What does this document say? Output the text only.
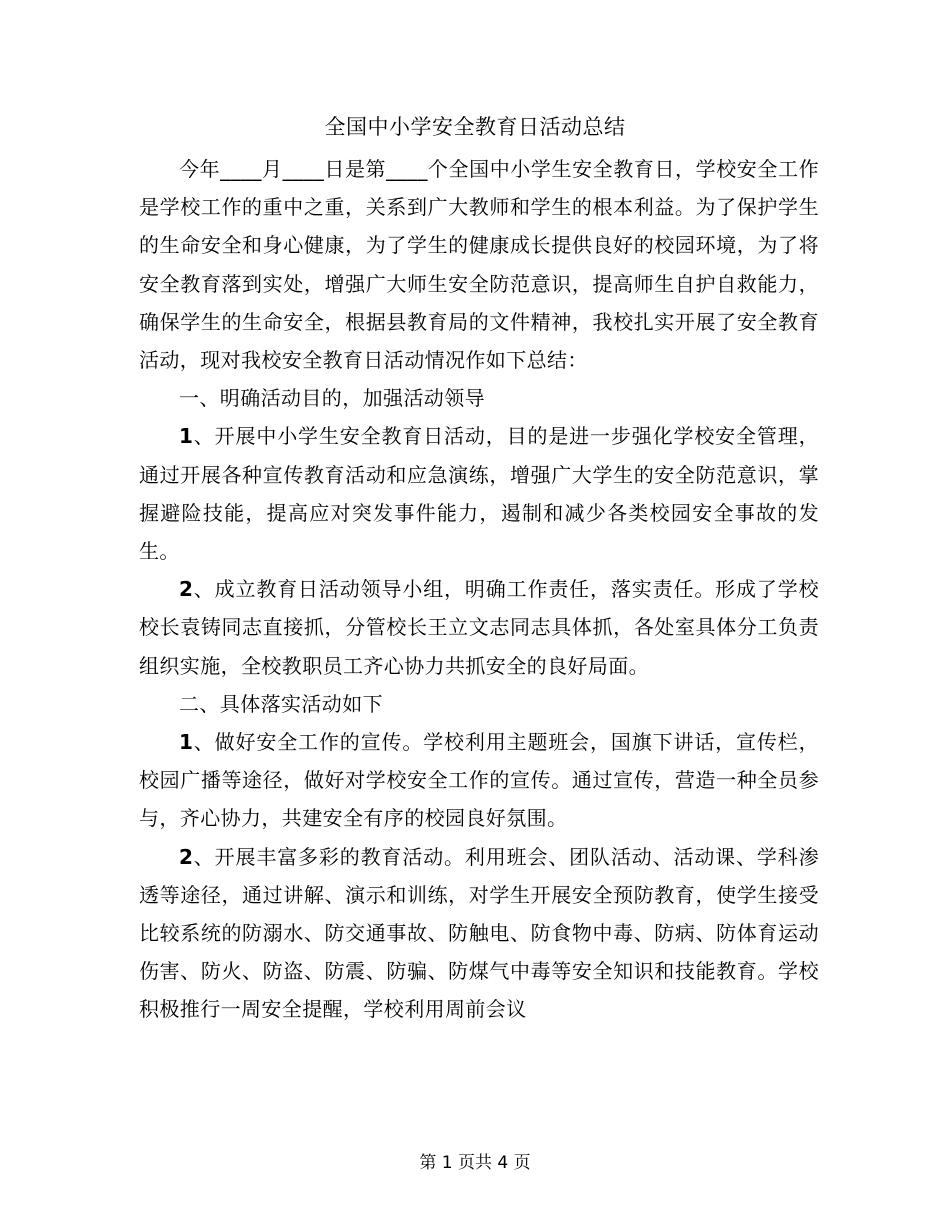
全国中小学安全教育日活动总结

今年____月____日是第____个全国中小学生安全教育日，学校安全工作是学校工作的重中之重，关系到广大教师和学生的根本利益。为了保护学生的生命安全和身心健康，为了学生的健康成长提供良好的校园环境，为了将安全教育落到实处，增强广大师生安全防范意识，提高师生自护自救能力，确保学生的生命安全，根据县教育局的文件精神，我校扎实开展了安全教育活动，现对我校安全教育日活动情况作如下总结：

一、明确活动目的，加强活动领导

1、开展中小学生安全教育日活动，目的是进一步强化学校安全管理，通过开展各种宣传教育活动和应急演练，增强广大学生的安全防范意识，掌握避险技能，提高应对突发事件能力，遏制和减少各类校园安全事故的发生。

2、成立教育日活动领导小组，明确工作责任，落实责任。形成了学校校长袁铸同志直接抓，分管校长王立文志同志具体抓，各处室具体分工负责组织实施，全校教职员工齐心协力共抓安全的良好局面。

二、具体落实活动如下

1、做好安全工作的宣传。学校利用主题班会，国旗下讲话，宣传栏，校园广播等途径，做好对学校安全工作的宣传。通过宣传，营造一种全员参与，齐心协力，共建安全有序的校园良好氛围。

2、开展丰富多彩的教育活动。利用班会、团队活动、活动课、学科渗透等途径，通过讲解、演示和训练，对学生开展安全预防教育，使学生接受比较系统的防溺水、防交通事故、防触电、防食物中毒、防病、防体育运动伤害、防火、防盗、防震、防骗、防煤气中毒等安全知识和技能教育。学校积极推行一周安全提醒，学校利用周前会议

第 1 页共 4 页
